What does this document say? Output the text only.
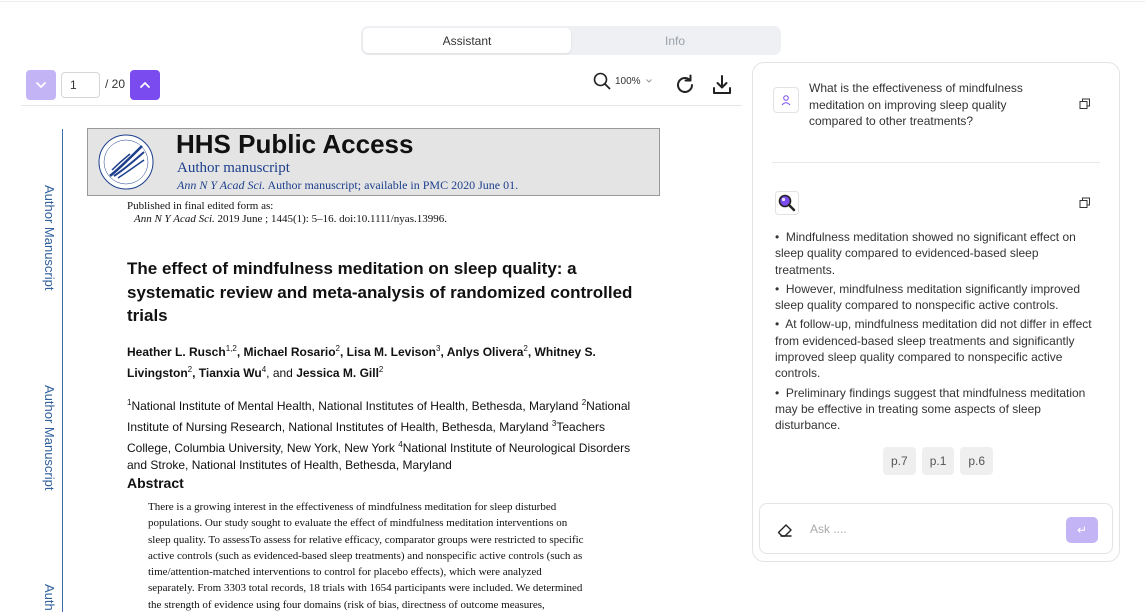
Assistant	Info
1
/ 20	100%
Author Manuscript
Author Manuscript
Auth
HHS Public Access
Author manuscript
Ann N Y Acad Sci. Author manuscript; available in PMC 2020 June 01.
Published in final edited form as:
Ann N Y Acad Sci. 2019 June ; 1445(1): 5–16. doi:10.1111/nyas.13996.
The effect of mindfulness meditation on sleep quality: a systematic review and meta-analysis of randomized controlled trials
Heather L. Rusch$^{1,2}$, Michael Rosario$^2$, Lisa M. Levison$^3$, Anlys Olivera$^2$, Whitney S. Livingston$^2$, Tianxia Wu$^4$, and Jessica M. Gill$^2$
$^1$National Institute of Mental Health, National Institutes of Health, Bethesda, Maryland $^2$National Institute of Nursing Research, National Institutes of Health, Bethesda, Maryland $^3$Teachers College, Columbia University, New York, New York $^4$National Institute of Neurological Disorders and Stroke, National Institutes of Health, Bethesda, Maryland
Abstract
There is a growing interest in the effectiveness of mindfulness meditation for sleep disturbed
populations. Our study sought to evaluate the effect of mindfulness meditation interventions on
sleep quality. To assessTo assess for relative efficacy, comparator groups were restricted to specific
active controls (such as evidenced-based sleep treatments) and nonspecific active controls (such as
time/attention-matched interventions to control for placebo effects), which were analyzed
separately. From 3303 total records, 18 trials with 1654 participants were included. We determined
the strength of evidence using four domains (risk of bias, directness of outcome measures,
What is the effectiveness of mindfulness meditation on improving sleep quality compared to other treatments?
•  Mindfulness meditation showed no significant effect on sleep quality compared to evidenced-based sleep treatments.
•  However, mindfulness meditation significantly improved sleep quality compared to nonspecific active controls.
•  At follow-up, mindfulness meditation did not differ in effect from evidenced-based sleep treatments and significantly improved sleep quality compared to nonspecific active controls.
•  Preliminary findings suggest that mindfulness meditation may be effective in treating some aspects of sleep disturbance.
p.7	p.1	p.6
Ask ....
↵
